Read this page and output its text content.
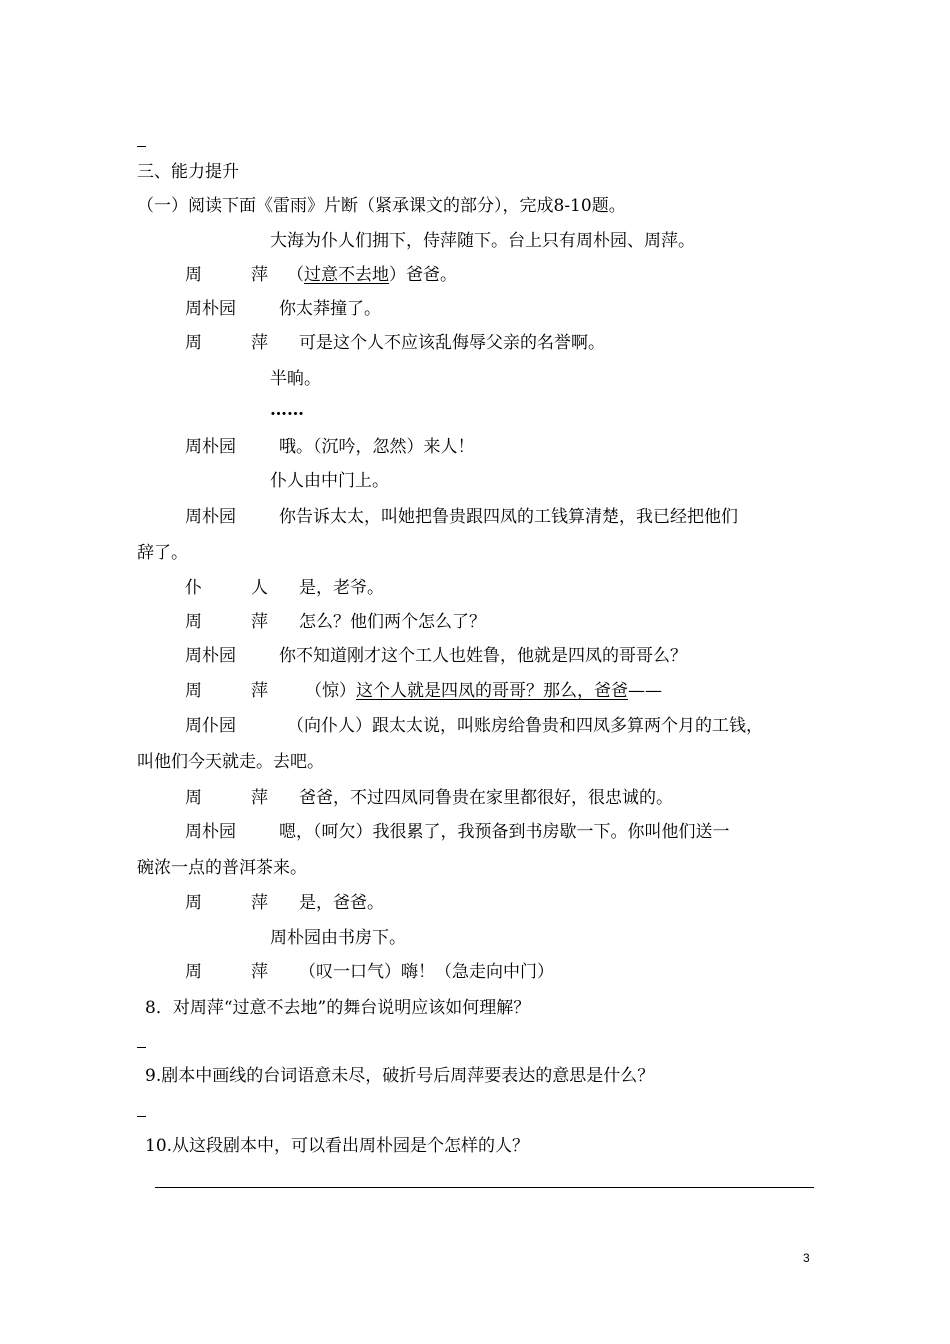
三、能力提升
（一）阅读下面《雷雨》片断（紧承课文的部分），完成8-10题。
大海为仆人们拥下，侍萍随下。台上只有周朴园、周萍。
周	萍 （过意不去地）爸爸。
周朴园	你太莽撞了。
周	萍 可是这个人不应该乱侮辱父亲的名誉啊。
半晌。
……
周朴园	哦。（沉吟，忽然）来人！
仆人由中门上。
周朴园	你告诉太太，叫她把鲁贵跟四凤的工钱算清楚，我已经把他们
辞了。
仆	人 是，老爷。
周	萍 怎么？他们两个怎么了？
周朴园	你不知道刚才这个工人也姓鲁，他就是四凤的哥哥么？
周	萍 （惊）这个人就是四凤的哥哥？那么，爸爸——
周仆园	（向仆人）跟太太说，叫账房给鲁贵和四凤多算两个月的工钱，
叫他们今天就走。去吧。
周	萍 爸爸，不过四凤同鲁贵在家里都很好，很忠诚的。
周朴园	嗯，（呵欠）我很累了，我预备到书房歇一下。你叫他们送一
碗浓一点的普洱茶来。
周	萍 是，爸爸。
周朴园由书房下。
周	萍 （叹一口气）嗨！（急走向中门）
8．对周萍“过意不去地”的舞台说明应该如何理解？
9.剧本中画线的台词语意未尽，破折号后周萍要表达的意思是什么？
10.从这段剧本中，可以看出周朴园是个怎样的人？
3
